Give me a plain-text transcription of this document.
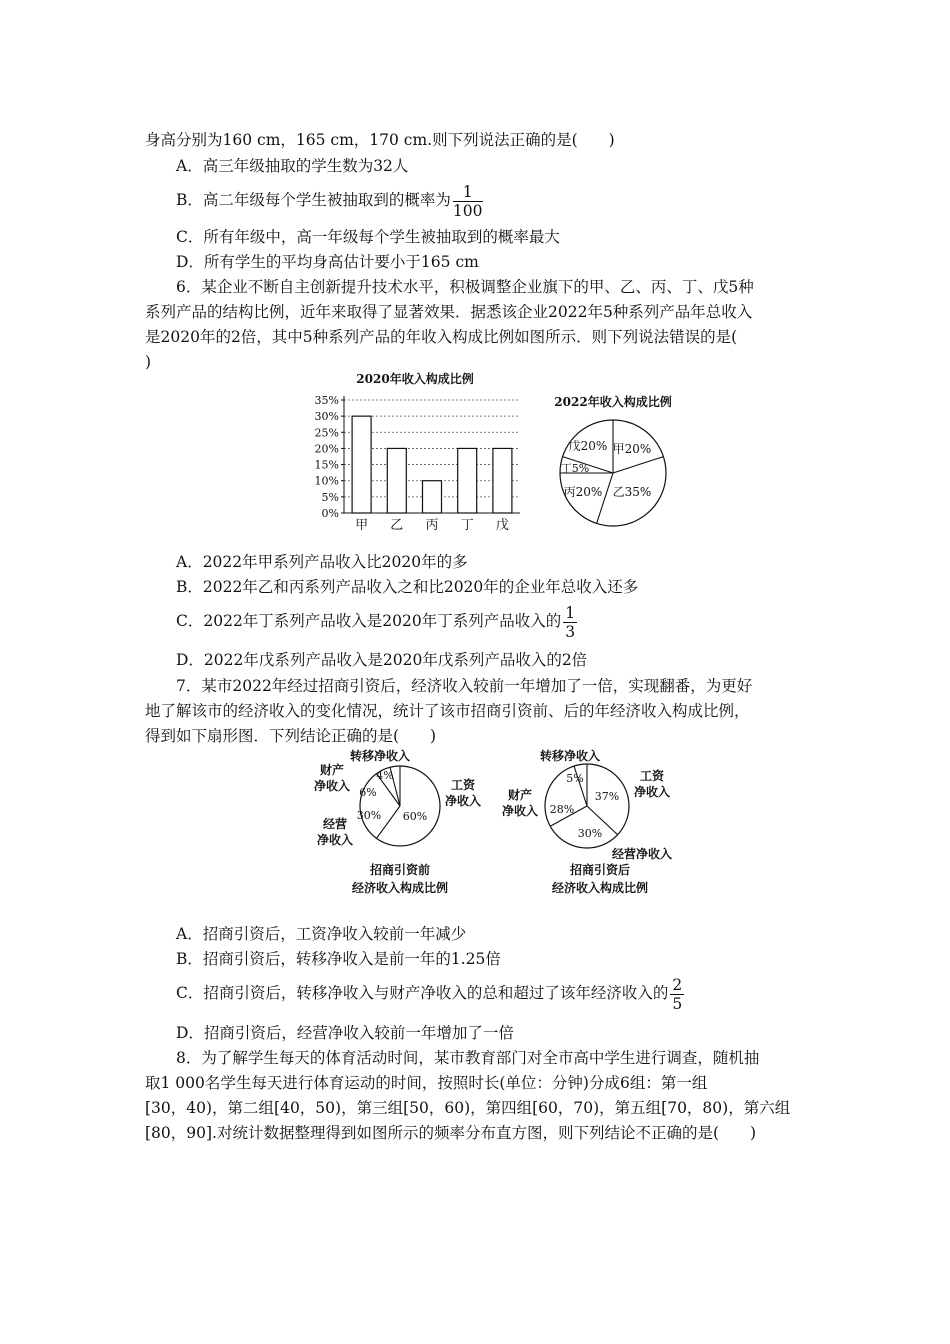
身高分别为160 cm，165 cm，170 cm.则下列说法正确的是(　　)
A．高三年级抽取的学生数为32人
B．高二年级每个学生被抽取到的概率为 $\frac{1}{100}$
C．所有年级中，高一年级每个学生被抽取到的概率最大
D．所有学生的平均身高估计要小于165 cm
6．某企业不断自主创新提升技术水平，积极调整企业旗下的甲、乙、丙、丁、戊5种
系列产品的结构比例，近年来取得了显著效果．据悉该企业2022年5种系列产品年总收入
是2020年的2倍，其中5种系列产品的年收入构成比例如图所示．则下列说法错误的是(
)
2020年收入构成比例
0%
5%
10%
15%
20%
25%
30%
35%
甲 乙 丙 丁 戊
2022年收入构成比例
戊20% 甲20%
丁5%
丙20% 乙35%
A．2022年甲系列产品收入比2020年的多
B．2022年乙和丙系列产品收入之和比2020年的企业年总收入还多
C．2022年丁系列产品收入是2020年丁系列产品收入的 $\frac{1}{3}$
D．2022年戊系列产品收入是2020年戊系列产品收入的2倍
7．某市2022年经过招商引资后，经济收入较前一年增加了一倍，实现翻番，为更好
地了解该市的经济收入的变化情况，统计了该市招商引资前、后的年经济收入构成比例，
得到如下扇形图．下列结论正确的是(　　)
转移净收入
财产
净收入	工资
净收入
经营
净收入
4%
6%
30% 60%
招商引资前
经济收入构成比例
转移净收入
财产
净收入
工资
净收入
经营净收入
5%
28%
37%
30%
招商引资后
经济收入构成比例
A．招商引资后，工资净收入较前一年减少
B．招商引资后，转移净收入是前一年的1.25倍
C．招商引资后，转移净收入与财产净收入的总和超过了该年经济收入的 $\frac{2}{5}$
D．招商引资后，经营净收入较前一年增加了一倍
8．为了解学生每天的体育活动时间，某市教育部门对全市高中学生进行调查，随机抽
取1 000名学生每天进行体育运动的时间，按照时长(单位：分钟)分成6组：第一组
[30，40)，第二组[40，50)，第三组[50，60)，第四组[60，70)，第五组[70，80)，第六组
[80，90].对统计数据整理得到如图所示的频率分布直方图，则下列结论不正确的是(　　)
